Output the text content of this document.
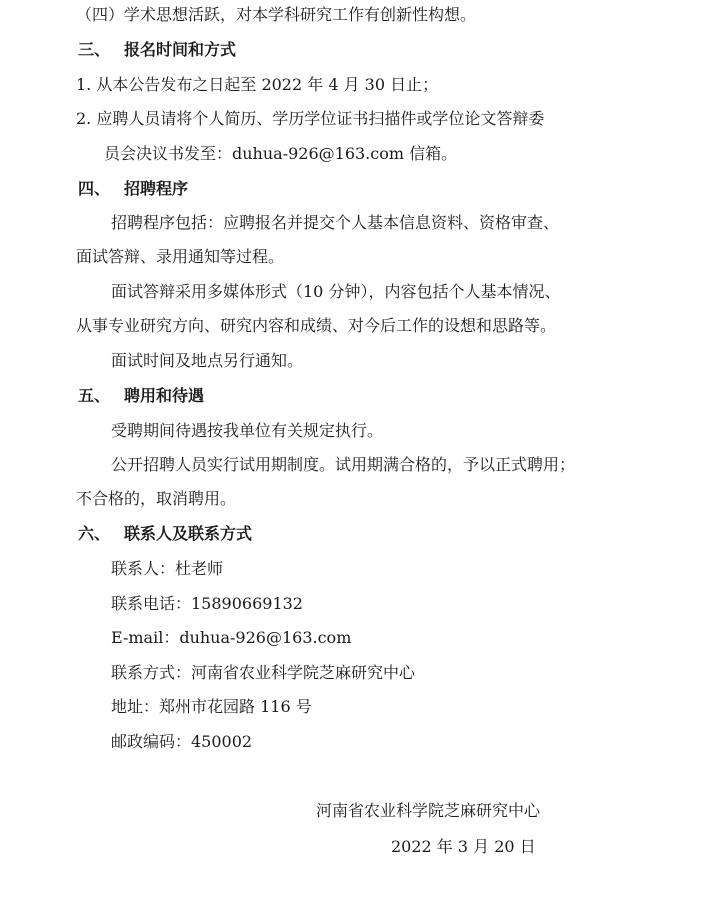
（四）学术思想活跃，对本学科研究工作有创新性构想。
三、 报名时间和方式
1. 从本公告发布之日起至 2022 年 4 月 30 日止；
2. 应聘人员请将个人简历、学历学位证书扫描件或学位论文答辩委
员会决议书发至：duhua-926@163.com 信箱。
四、 招聘程序
招聘程序包括：应聘报名并提交个人基本信息资料、资格审查、
面试答辩、录用通知等过程。
面试答辩采用多媒体形式（10 分钟），内容包括个人基本情况、
从事专业研究方向、研究内容和成绩、对今后工作的设想和思路等。
面试时间及地点另行通知。
五、 聘用和待遇
受聘期间待遇按我单位有关规定执行。
公开招聘人员实行试用期制度。试用期满合格的，予以正式聘用；
不合格的，取消聘用。
六、 联系人及联系方式
联系人：杜老师
联系电话：15890669132
E-mail：duhua-926@163.com
联系方式：河南省农业科学院芝麻研究中心
地址：郑州市花园路 116 号
邮政编码：450002
河南省农业科学院芝麻研究中心
2022 年 3 月 20 日
